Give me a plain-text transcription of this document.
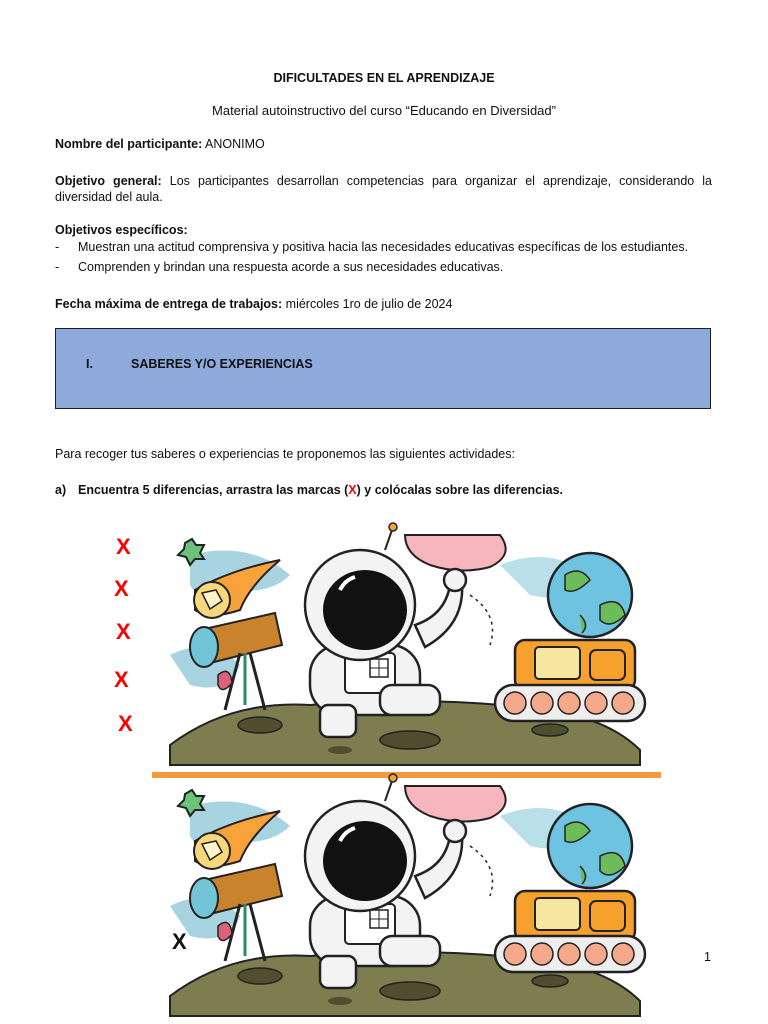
DIFICULTADES EN EL APRENDIZAJE
Material autoinstructivo del curso “Educando en Diversidad”
Nombre del participante: ANONIMO
Objetivo general: Los participantes desarrollan competencias para organizar el aprendizaje, considerando la
diversidad del aula.
Objetivos específicos:
- Muestran una actitud comprensiva y positiva hacia las necesidades educativas específicas de los estudiantes.
- Comprenden y brindan una respuesta acorde a sus necesidades educativas.
Fecha máxima de entrega de trabajos: miércoles 1ro de julio de 2024
I.	SABERES Y/O EXPERIENCIAS
Para recoger tus saberes o experiencias te proponemos las siguientes actividades:
a) Encuentra 5 diferencias, arrastra las marcas (X) y colócalas sobre las diferencias.
X
X
X
X
X
X
1
